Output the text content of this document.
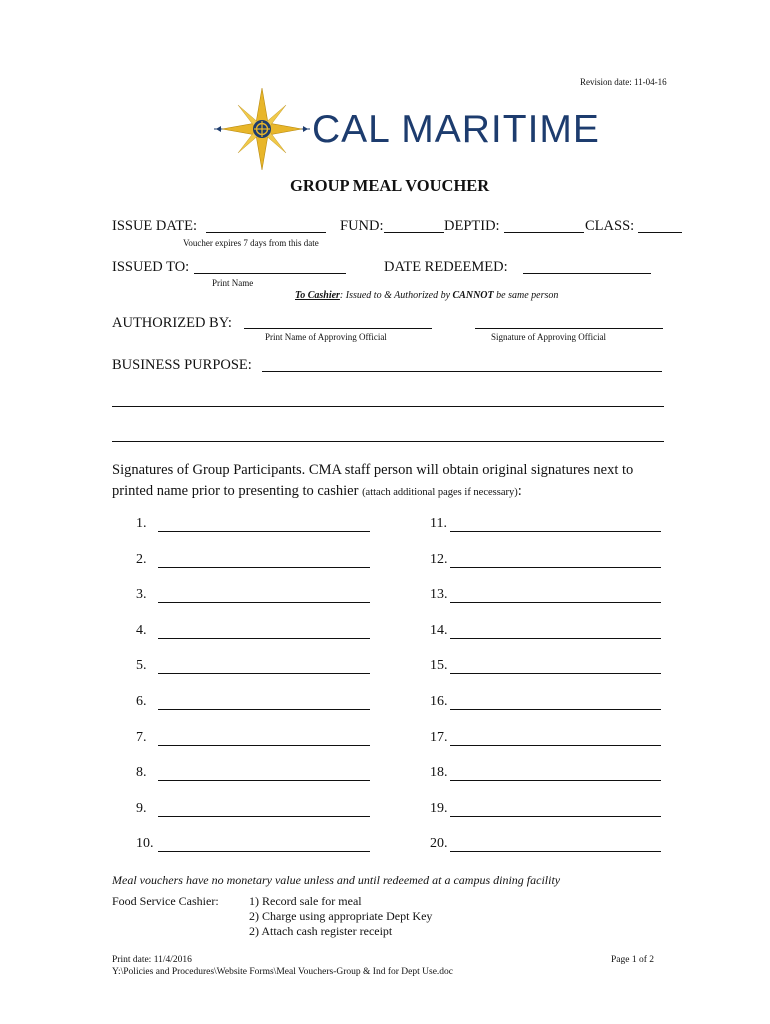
Revision date: 11-04-16
CAL MARITIME
GROUP MEAL VOUCHER
ISSUE DATE:	FUND:	DEPTID:	CLASS:
Voucher expires 7 days from this date
ISSUED TO:
Print Name
DATE REDEEMED:
To Cashier: Issued to & Authorized by CANNOT be same person
AUTHORIZED BY:
Print Name of Approving Official	Signature of Approving Official
BUSINESS PURPOSE:
Signatures of Group Participants. CMA staff person will obtain original signatures next to
printed name prior to presenting to cashier (attach additional pages if necessary):
1.	11.
2.	12.
3.	13.
4.	14.
5.	15.
6.	16.
7.	17.
8.	18.
9.	19.
10.	20.
Meal vouchers have no monetary value unless and until redeemed at a campus dining facility
Food Service Cashier:	1) Record sale for meal
2) Charge using appropriate Dept Key
2) Attach cash register receipt
Print date: 11/4/2016	Page 1 of 2
Y:\Policies and Procedures\Website Forms\Meal Vouchers-Group & Ind for Dept Use.doc
